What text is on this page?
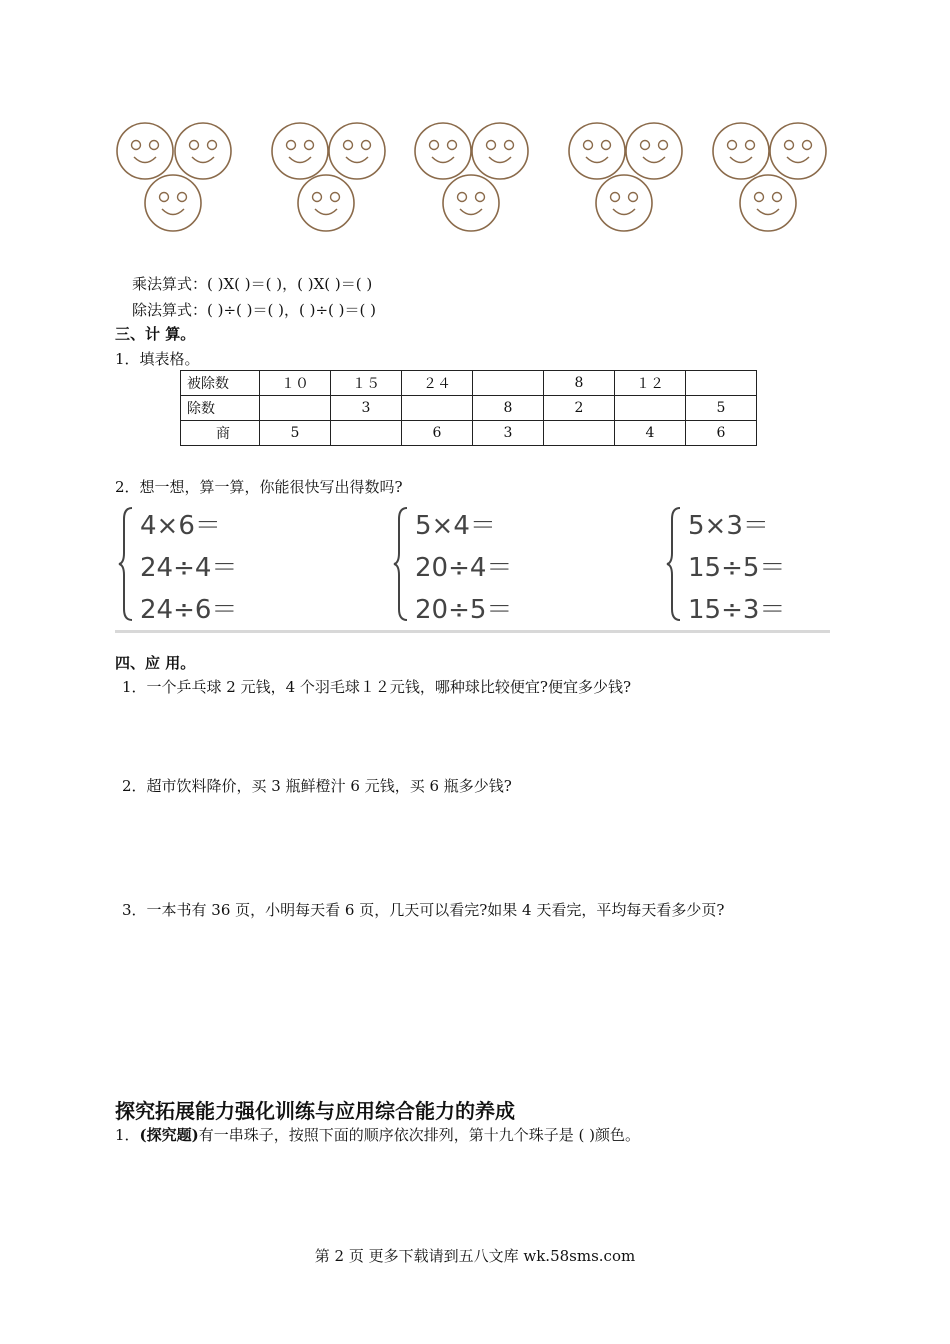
乘法算式：( )X( )＝( )，( )X( )＝( )
除法算式：( )÷( )＝( )，( )÷( )＝( )
三、计 算。
1．填表格。
被除数	１０	１５	２４		8	１２	
除数		3		8	2		5
商	5		6	3		4	6
2．想一想，算一算，你能很快写出得数吗?
4×6＝
24÷4＝
24÷6＝
5×4＝
20÷4＝
20÷5＝
5×3＝
15÷5＝
15÷3＝
四、应 用。
1．一个乒乓球 2 元钱，4 个羽毛球１２元钱，哪种球比较便宜?便宜多少钱?
2．超市饮料降价，买 3 瓶鲜橙汁 6 元钱，买 6 瓶多少钱?
3．一本书有 36 页，小明每天看 6 页，几天可以看完?如果 4 天看完，平均每天看多少页?
探究拓展能力强化训练与应用综合能力的养成
1．(探究题)有一串珠子，按照下面的顺序依次排列，第十九个珠子是 ( )颜色。
第 2 页 更多下载请到五八文库 wk.58sms.com
